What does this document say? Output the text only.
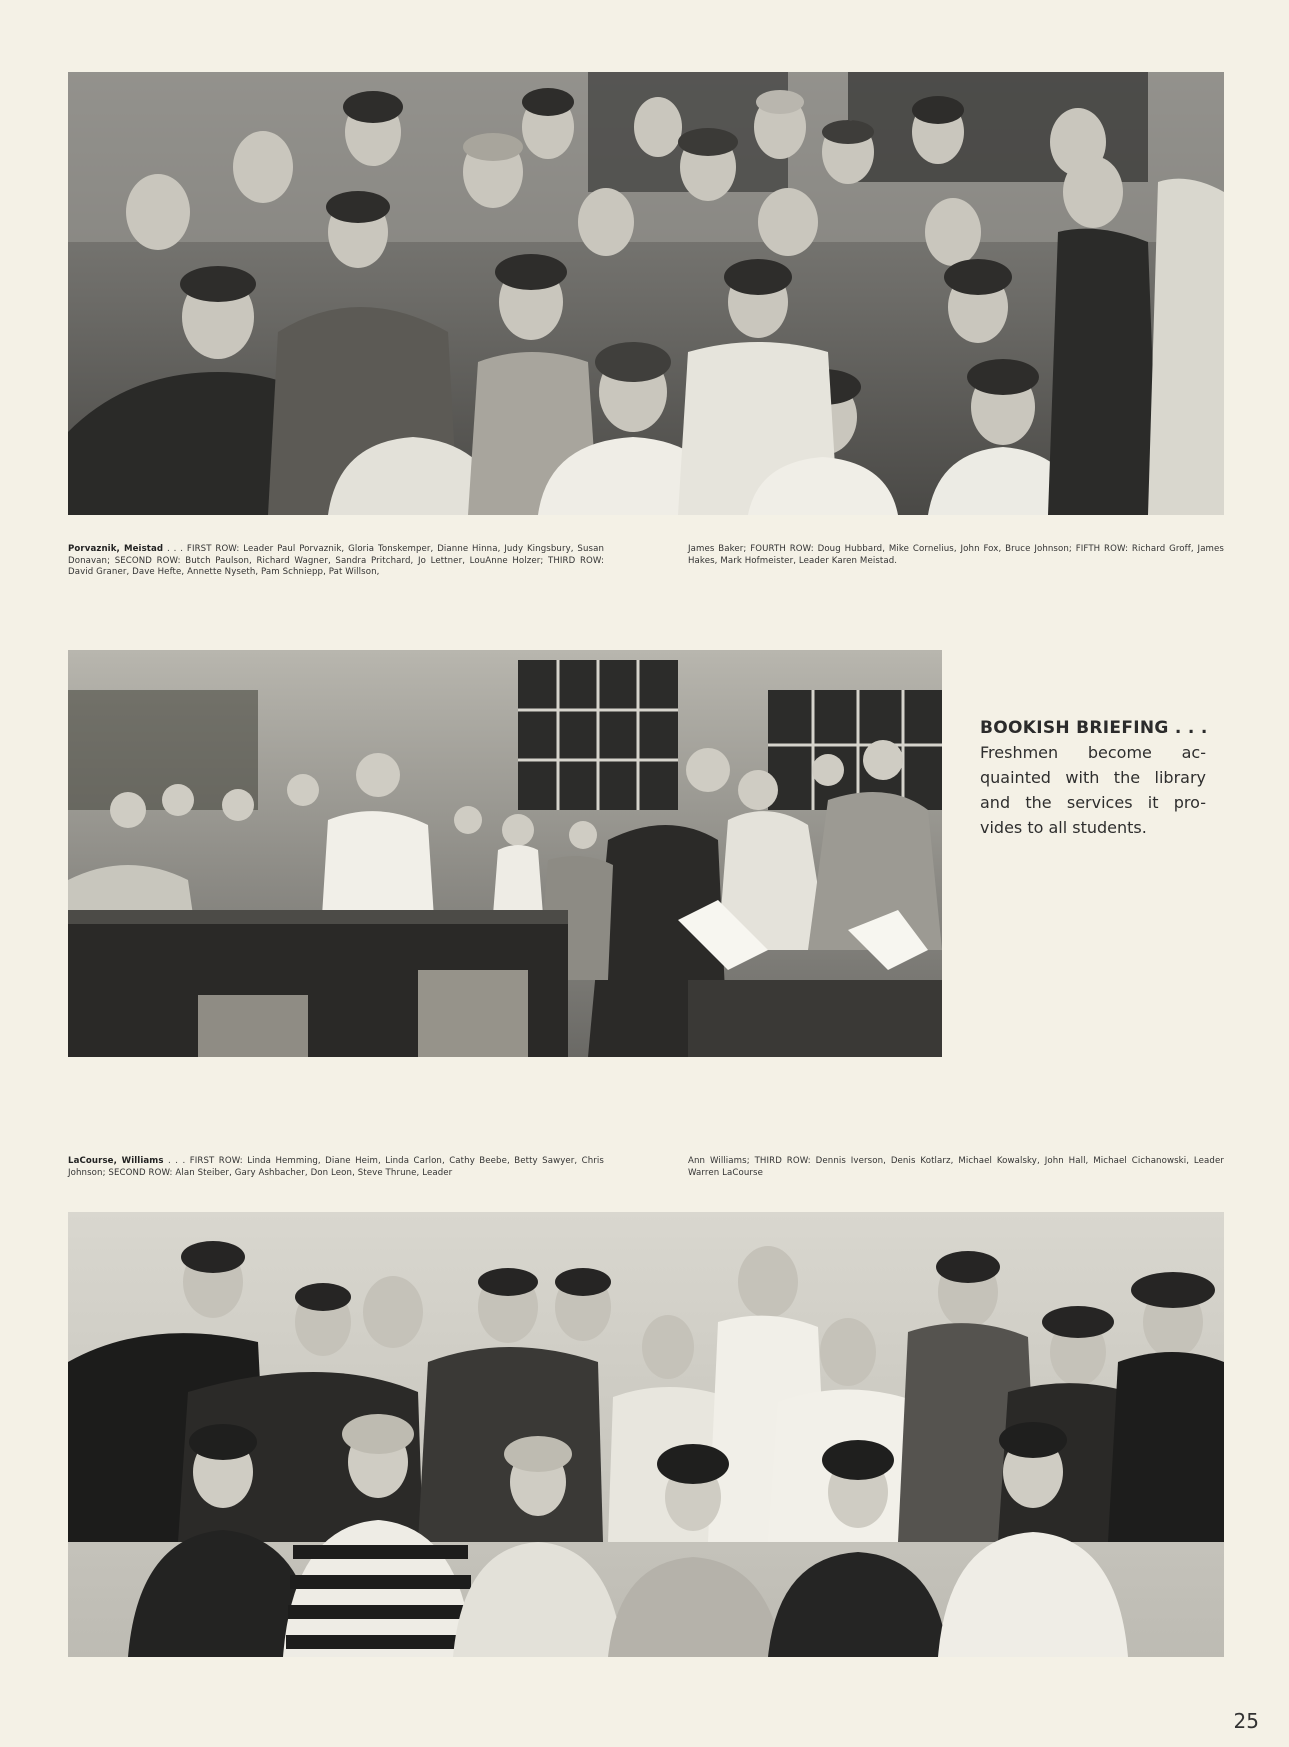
Porvaznik, Meistad . . . FIRST ROW: Leader Paul Porvaznik, Gloria Tonskemper, Dianne Hinna, Judy Kingsbury, Susan Donavan; SECOND ROW: Butch Paulson, Richard Wagner, Sandra Pritchard, Jo Lettner, LouAnne Holzer; THIRD ROW: David Graner, Dave Hefte, Annette Nyseth, Pam Schniepp, Pat Willson,
James Baker; FOURTH ROW: Doug Hubbard, Mike Cornelius, John Fox, Bruce Johnson; FIFTH ROW: Richard Groff, James Hakes, Mark Hofmeister, Leader Karen Meistad.
BOOKISH BRIEFING . . .
Freshmen become ac-
quainted with the library
and the services it pro-
vides to all students.
LaCourse, Williams . . . FIRST ROW: Linda Hemming, Diane Heim, Linda Carlon, Cathy Beebe, Betty Sawyer, Chris Johnson; SECOND ROW: Alan Steiber, Gary Ashbacher, Don Leon, Steve Thrune, Leader
Ann Williams; THIRD ROW: Dennis Iverson, Denis Kotlarz, Michael Kowalsky, John Hall, Michael Cichanowski, Leader Warren LaCourse
25
